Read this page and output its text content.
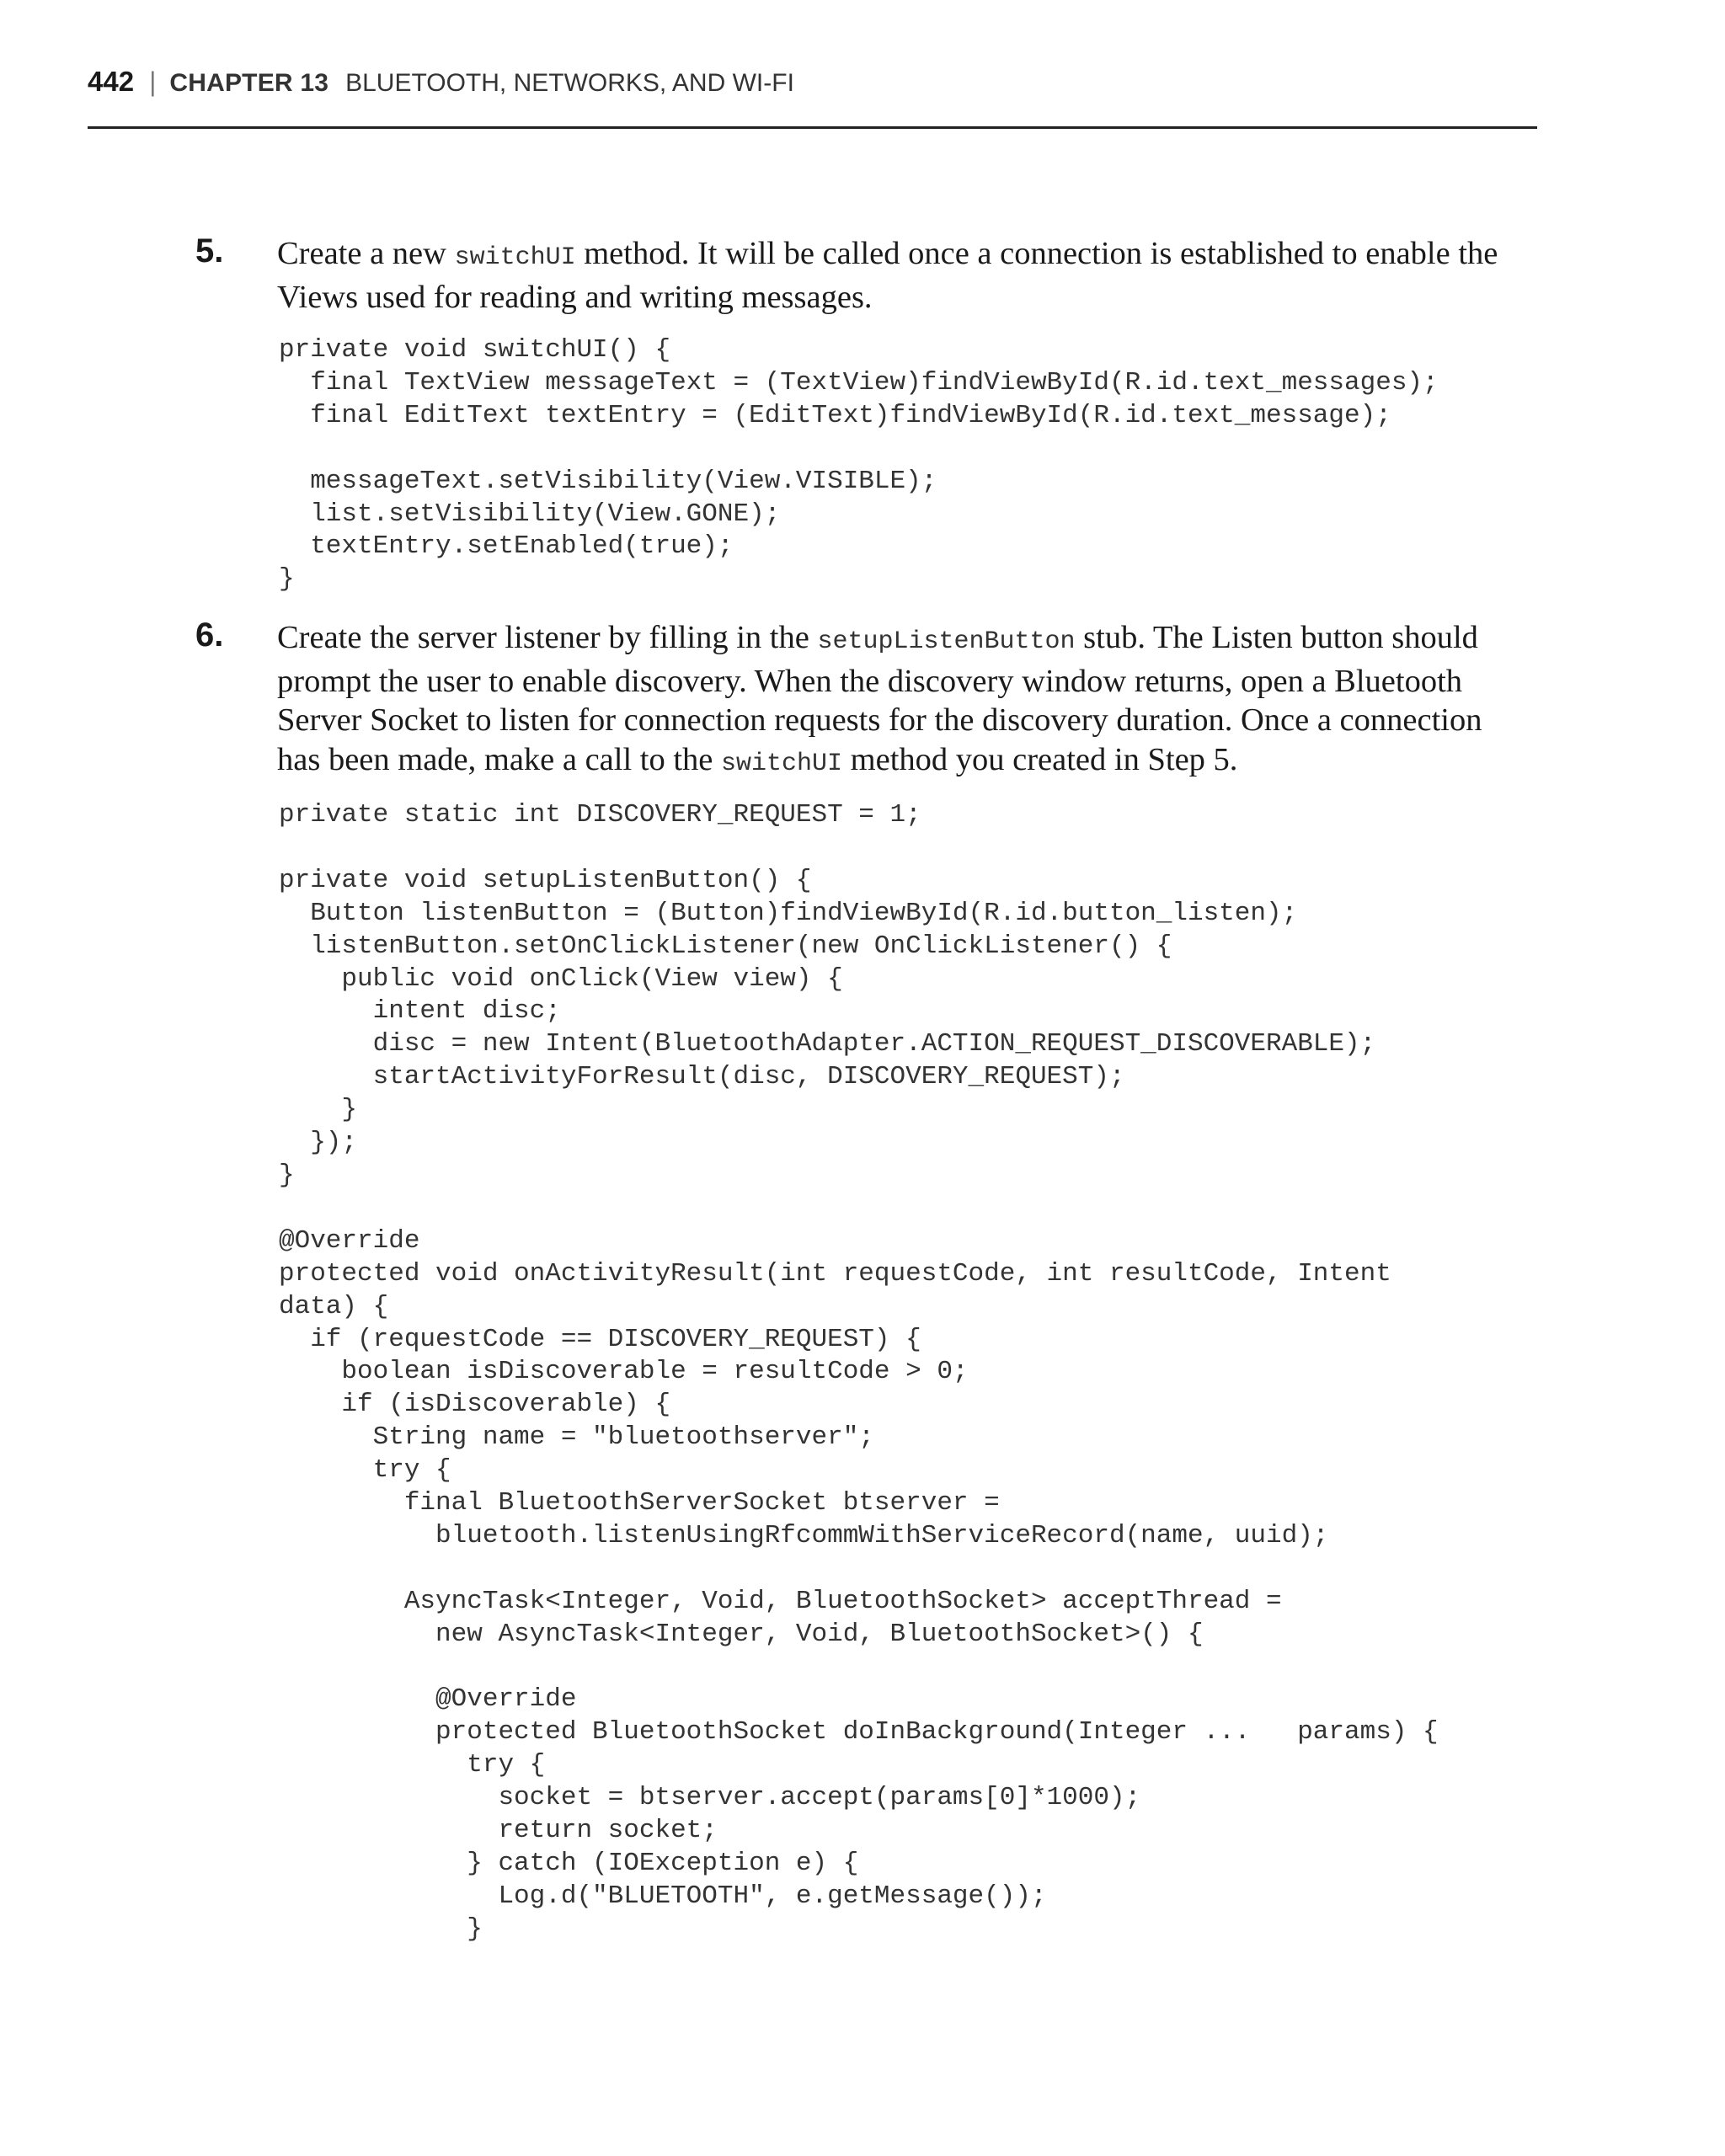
442 | CHAPTER 13 BLUETOOTH, NETWORKS, AND WI-FI
5. Create a new switchUI method. It will be called once a connection is established to enable the Views used for reading and writing messages.
private void switchUI() {
final TextView messageText = (TextView)findViewById(R.id.text_messages);
final EditText textEntry = (EditText)findViewById(R.id.text_message);

messageText.setVisibility(View.VISIBLE);
list.setVisibility(View.GONE);
textEntry.setEnabled(true);
}
6. Create the server listener by filling in the setupListenButton stub. The Listen button should prompt the user to enable discovery. When the discovery window returns, open a Bluetooth Server Socket to listen for connection requests for the discovery duration. Once a connection has been made, make a call to the switchUI method you created in Step 5.
private static int DISCOVERY_REQUEST = 1;

private void setupListenButton() {
Button listenButton = (Button)findViewById(R.id.button_listen);
listenButton.setOnClickListener(new OnClickListener() {
public void onClick(View view) {
intent disc;
disc = new Intent(BluetoothAdapter.ACTION_REQUEST_DISCOVERABLE);
startActivityForResult(disc, DISCOVERY_REQUEST);
}
});
}

@Override
protected void onActivityResult(int requestCode, int resultCode, Intent
data) {
if (requestCode == DISCOVERY_REQUEST) {
boolean isDiscoverable = resultCode > 0;
if (isDiscoverable) {
String name = "bluetoothserver";
try {
final BluetoothServerSocket btserver =
bluetooth.listenUsingRfcommWithServiceRecord(name, uuid);

AsyncTask<Integer, Void, BluetoothSocket> acceptThread =
new AsyncTask<Integer, Void, BluetoothSocket>() {

@Override
protected BluetoothSocket doInBackground(Integer ...   params) {
try {
socket = btserver.accept(params[0]*1000);
return socket;
} catch (IOException e) {
Log.d("BLUETOOTH", e.getMessage());
}
